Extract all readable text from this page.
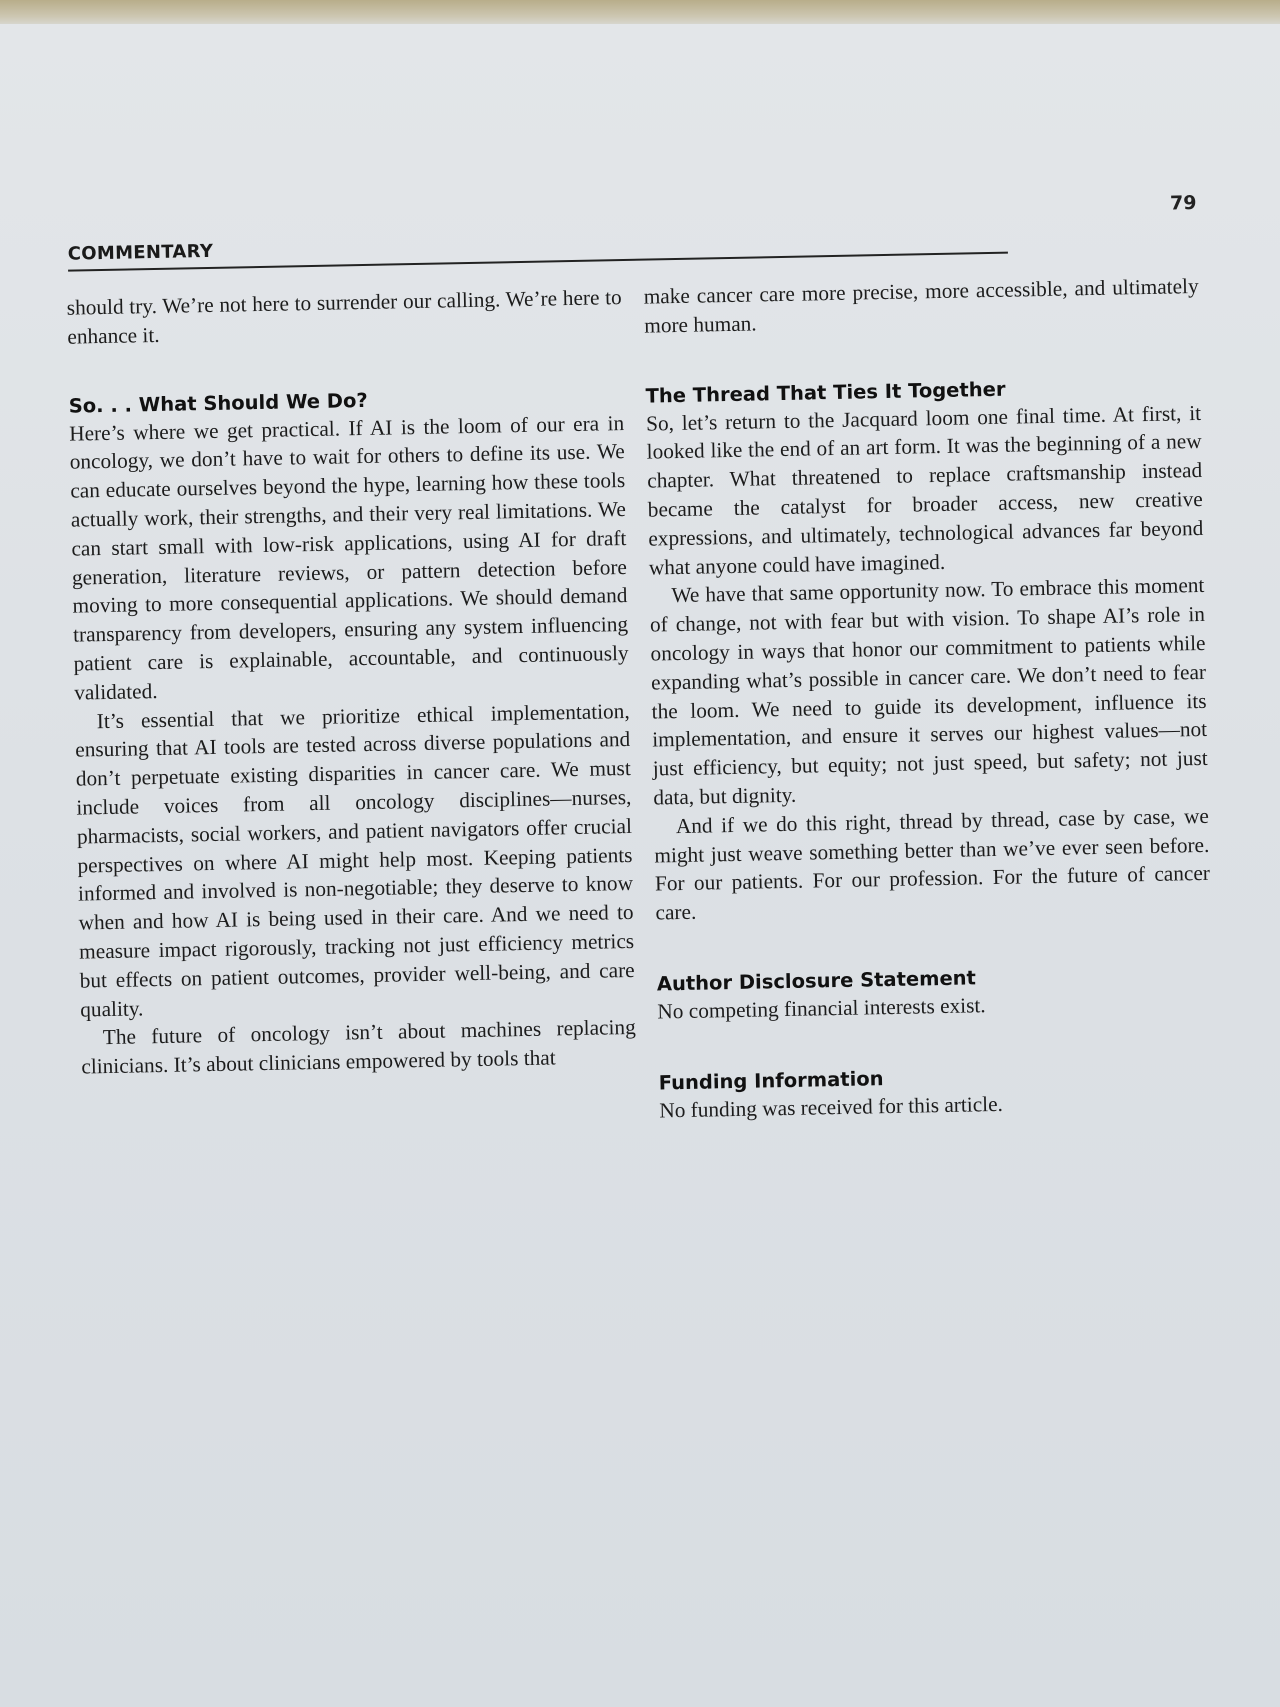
79
COMMENTARY

should try. We’re not here to surrender our calling. We’re here to enhance it.

So. . . What Should We Do?

Here’s where we get practical. If AI is the loom of our era in oncology, we don’t have to wait for others to define its use. We can educate ourselves beyond the hype, learning how these tools actually work, their strengths, and their very real limitations. We can start small with low-risk applications, using AI for draft generation, literature reviews, or pattern detection before moving to more consequential applications. We should demand transparency from developers, ensuring any system influencing patient care is explainable, accountable, and continuously validated.

It’s essential that we prioritize ethical implementation, ensuring that AI tools are tested across diverse populations and don’t perpetuate existing disparities in cancer care. We must include voices from all oncology disciplines—nurses, pharmacists, social workers, and patient navigators offer crucial perspectives on where AI might help most. Keeping patients informed and involved is non-negotiable; they deserve to know when and how AI is being used in their care. And we need to measure impact rigorously, tracking not just efficiency metrics but effects on patient outcomes, provider well-being, and care quality.

The future of oncology isn’t about machines replacing clinicians. It’s about clinicians empowered by tools that

make cancer care more precise, more accessible, and ultimately more human.

The Thread That Ties It Together

So, let’s return to the Jacquard loom one final time. At first, it looked like the end of an art form. It was the beginning of a new chapter. What threatened to replace craftsmanship instead became the catalyst for broader access, new creative expressions, and ultimately, technological advances far beyond what anyone could have imagined.

We have that same opportunity now. To embrace this moment of change, not with fear but with vision. To shape AI’s role in oncology in ways that honor our commitment to patients while expanding what’s possible in cancer care. We don’t need to fear the loom. We need to guide its development, influence its implementation, and ensure it serves our highest values—not just efficiency, but equity; not just speed, but safety; not just data, but dignity.

And if we do this right, thread by thread, case by case, we might just weave something better than we’ve ever seen before. For our patients. For our profession. For the future of cancer care.

Author Disclosure Statement

No competing financial interests exist.

Funding Information

No funding was received for this article.
